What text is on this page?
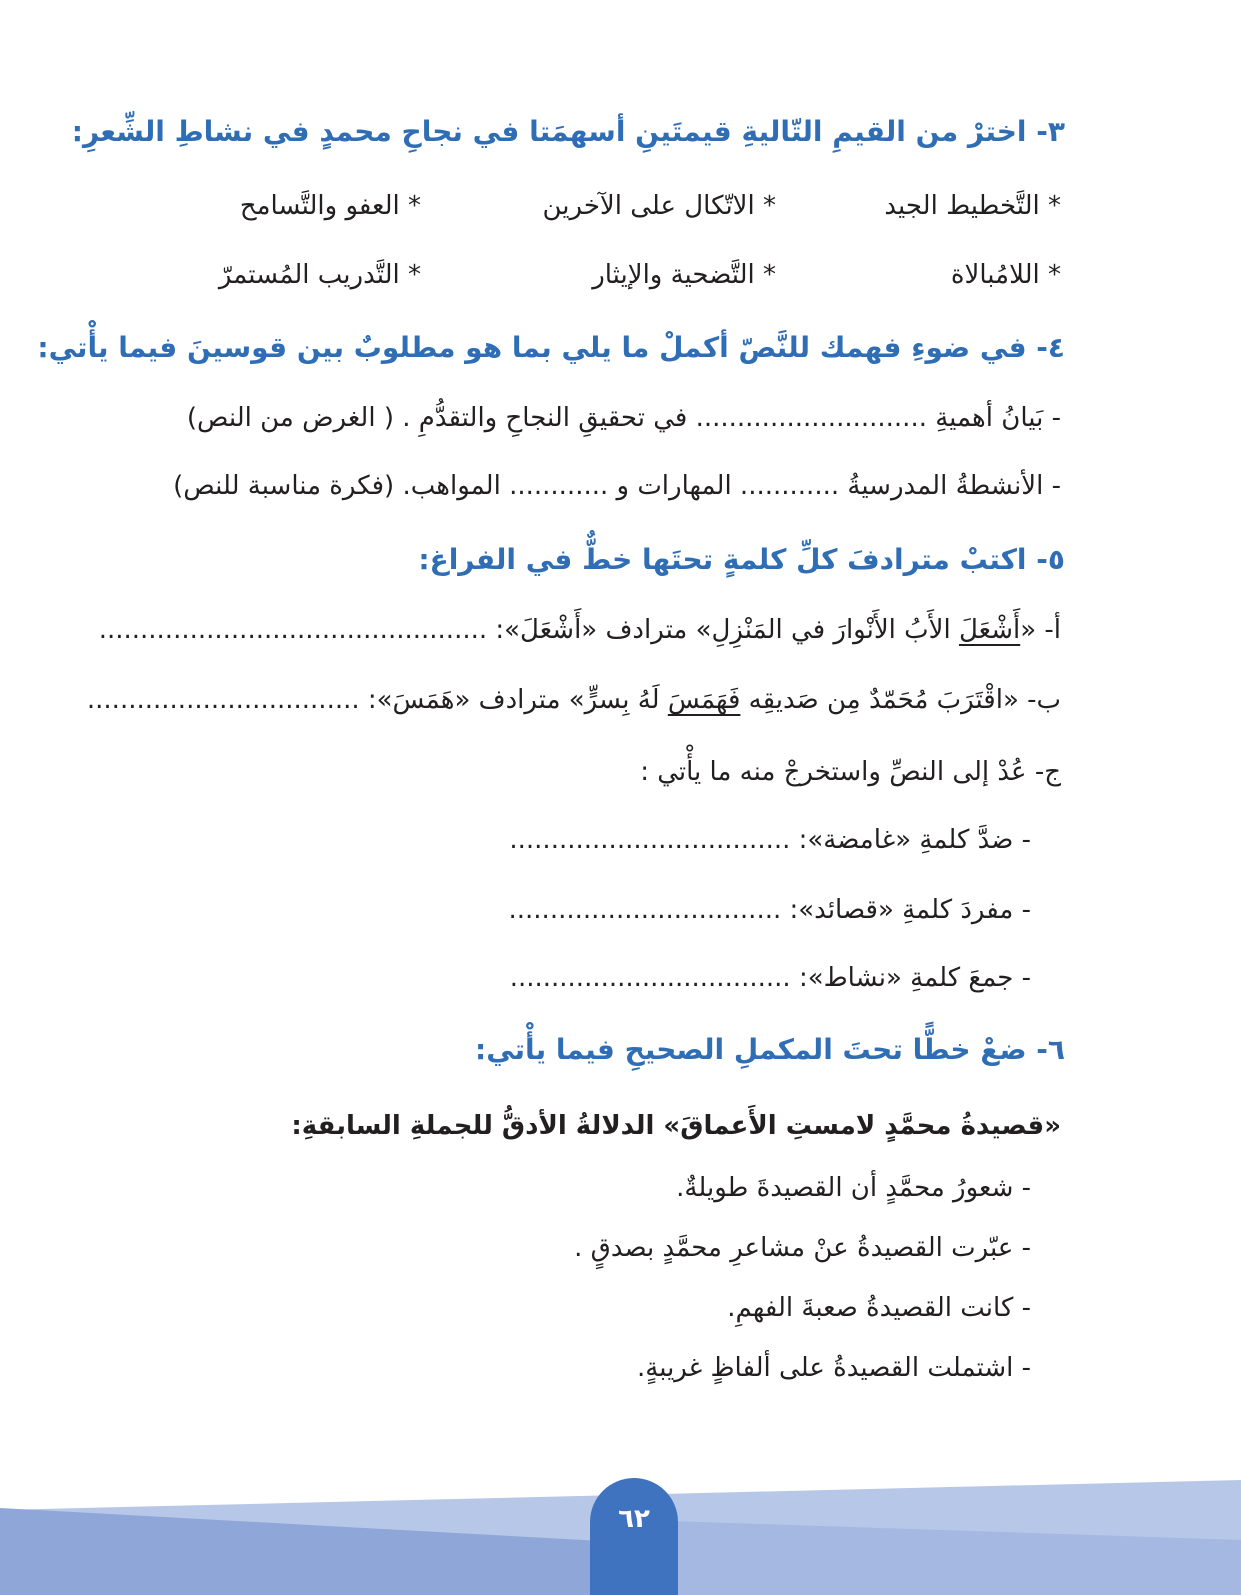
٣- اخترْ من القيمِ التّاليةِ قيمتَينِ أسهمَتا في نجاحِ محمدٍ في نشاطِ الشِّعرِ:
* التَّخطيط الجيد
* الاتّكال على الآخرين
* العفو والتَّسامح
* اللامُبالاة
* التَّضحية والإيثار
* التَّدريب المُستمرّ
٤- في ضوءِ فهمك للنَّصّ أكملْ ما يلي بما هو مطلوبٌ بين قوسينَ فيما يأْتي:
- بَيانُ أهميةِ ............................ في تحقيقِ النجاحِ والتقدُّمِ . ( الغرض من النص)
- الأنشطةُ المدرسيةُ ............ المهارات و ............ المواهب. (فكرة مناسبة للنص)
٥- اكتبْ مترادفَ كلِّ كلمةٍ تحتَها خطٌّ في الفراغ:
أ- «أَشْعَلَ الأَبُ الأَنْوارَ في المَنْزِلِ» مترادف «أَشْعَلَ»: ...............................................
ب- «اقْتَرَبَ مُحَمّدٌ مِن صَديقِه فَهَمَسَ لَهُ بِسرٍّ» مترادف «هَمَسَ»: .................................
ج- عُدْ إلى النصِّ واستخرجْ منه ما يأْتي :
- ضدَّ كلمةِ «غامضة»: ..................................
- مفردَ كلمةِ «قصائد»: .................................
- جمعَ كلمةِ «نشاط»: ..................................
٦- ضعْ خطًّا تحتَ المكملِ الصحيحِ فيما يأْتي:
«قصيدةُ محمَّدٍ لامستِ الأَعماقَ» الدلالةُ الأدقُّ للجملةِ السابقةِ:
- شعورُ محمَّدٍ أن القصيدةَ طويلةٌ.
- عبّرت القصيدةُ عنْ مشاعرِ محمَّدٍ بصدقٍ .
- كانت القصيدةُ صعبةَ الفهمِ.
- اشتملت القصيدةُ على ألفاظٍ غريبةٍ.
٦٢
